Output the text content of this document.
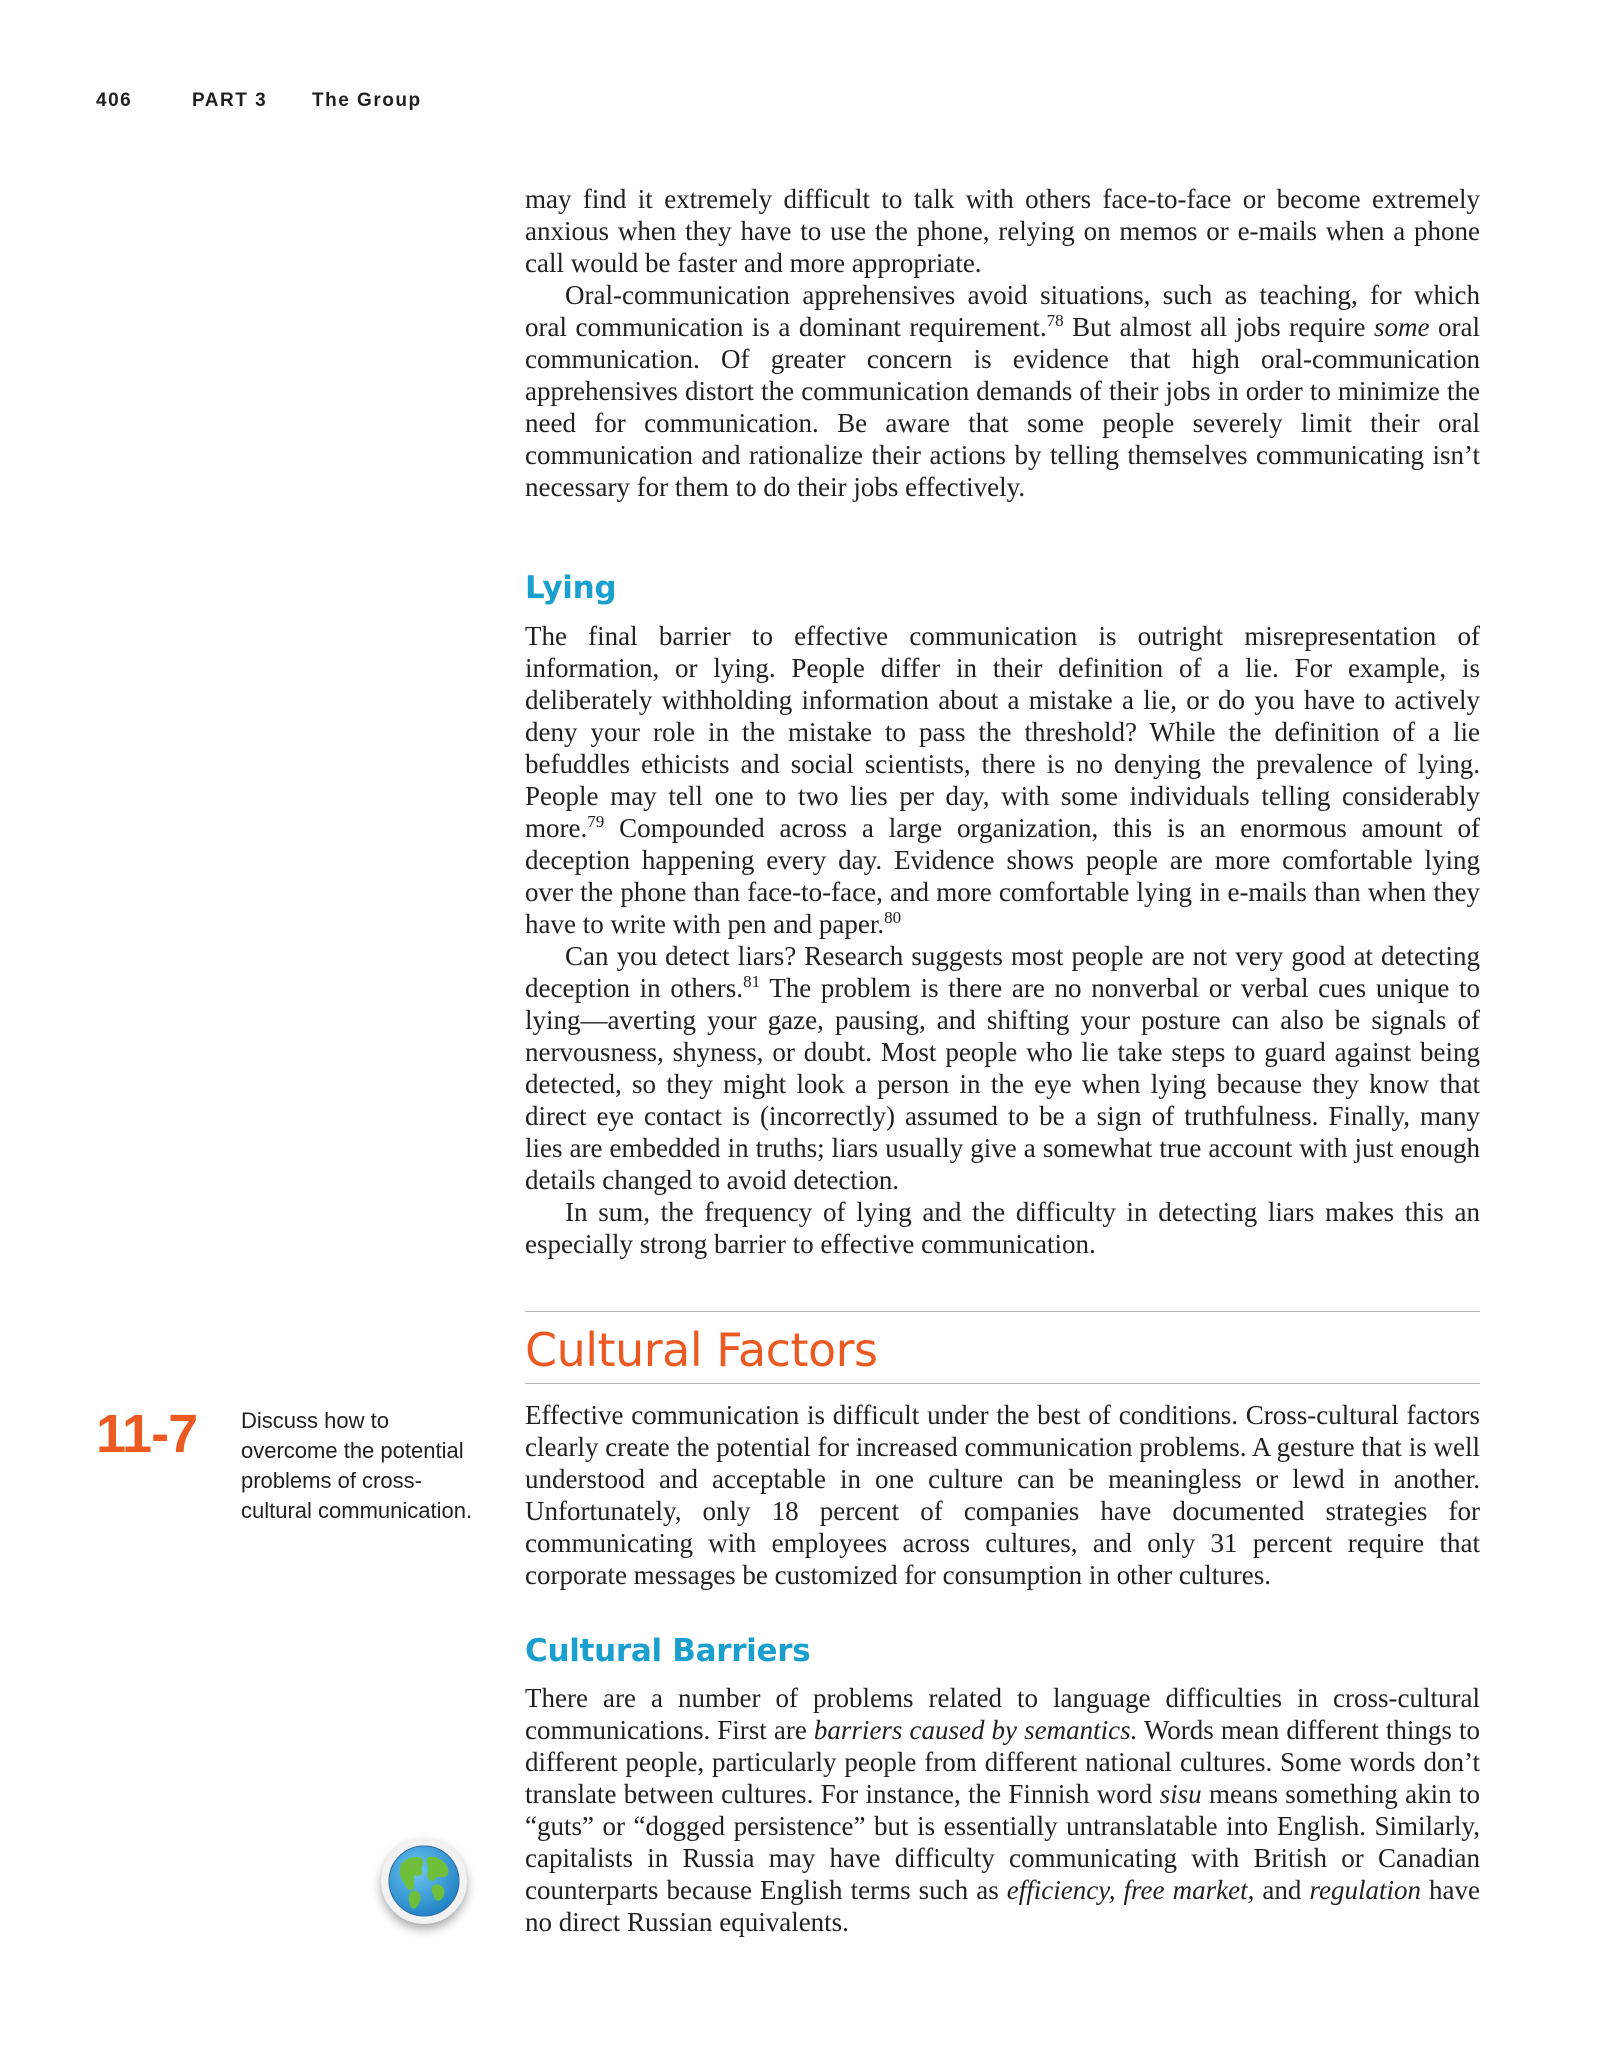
406	PART 3 The Group

may find it extremely difficult to talk with others face-to-face or become extremely anxious when they have to use the phone, relying on memos or e-mails when a phone call would be faster and more appropriate.

Oral-communication apprehensives avoid situations, such as teaching, for which oral communication is a dominant requirement.$^{78}$ But almost all jobs require some oral communication. Of greater concern is evidence that high oral-communication apprehensives distort the communication demands of their jobs in order to minimize the need for communication. Be aware that some people severely limit their oral communication and rationalize their actions by telling themselves communicating isn’t necessary for them to do their jobs effectively.

Lying

The final barrier to effective communication is outright misrepresentation of information, or lying. People differ in their definition of a lie. For example, is deliberately withholding information about a mistake a lie, or do you have to actively deny your role in the mistake to pass the threshold? While the definition of a lie befuddles ethicists and social scientists, there is no denying the prevalence of lying. People may tell one to two lies per day, with some individuals telling considerably more.$^{79}$ Compounded across a large organization, this is an enormous amount of deception happening every day. Evidence shows people are more comfortable lying over the phone than face-to-face, and more comfortable lying in e-mails than when they have to write with pen and paper.$^{80}$

Can you detect liars? Research suggests most people are not very good at detecting deception in others.$^{81}$ The problem is there are no nonverbal or verbal cues unique to lying—averting your gaze, pausing, and shifting your posture can also be signals of nervousness, shyness, or doubt. Most people who lie take steps to guard against being detected, so they might look a person in the eye when lying because they know that direct eye contact is (incorrectly) assumed to be a sign of truthfulness. Finally, many lies are embedded in truths; liars usually give a somewhat true account with just enough details changed to avoid detection.

In sum, the frequency of lying and the difficulty in detecting liars makes this an especially strong barrier to effective communication.

Cultural Factors
11-7 Discuss how to overcome the potential problems of cross-cultural communication.

Effective communication is difficult under the best of conditions. Cross-cultural factors clearly create the potential for increased communication problems. A gesture that is well understood and acceptable in one culture can be meaningless or lewd in another. Unfortunately, only 18 percent of companies have documented strategies for communicating with employees across cultures, and only 31 percent require that corporate messages be customized for consumption in other cultures.

Cultural Barriers

There are a number of problems related to language difficulties in cross-cultural communications. First are barriers caused by semantics. Words mean different things to different people, particularly people from different national cultures. Some words don’t translate between cultures. For instance, the Finnish word sisu means something akin to “guts” or “dogged persistence” but is essentially untranslatable into English. Similarly, capitalists in Russia may have difficulty communicating with British or Canadian counterparts because English terms such as efficiency, free market, and regulation have no direct Russian equivalents.
